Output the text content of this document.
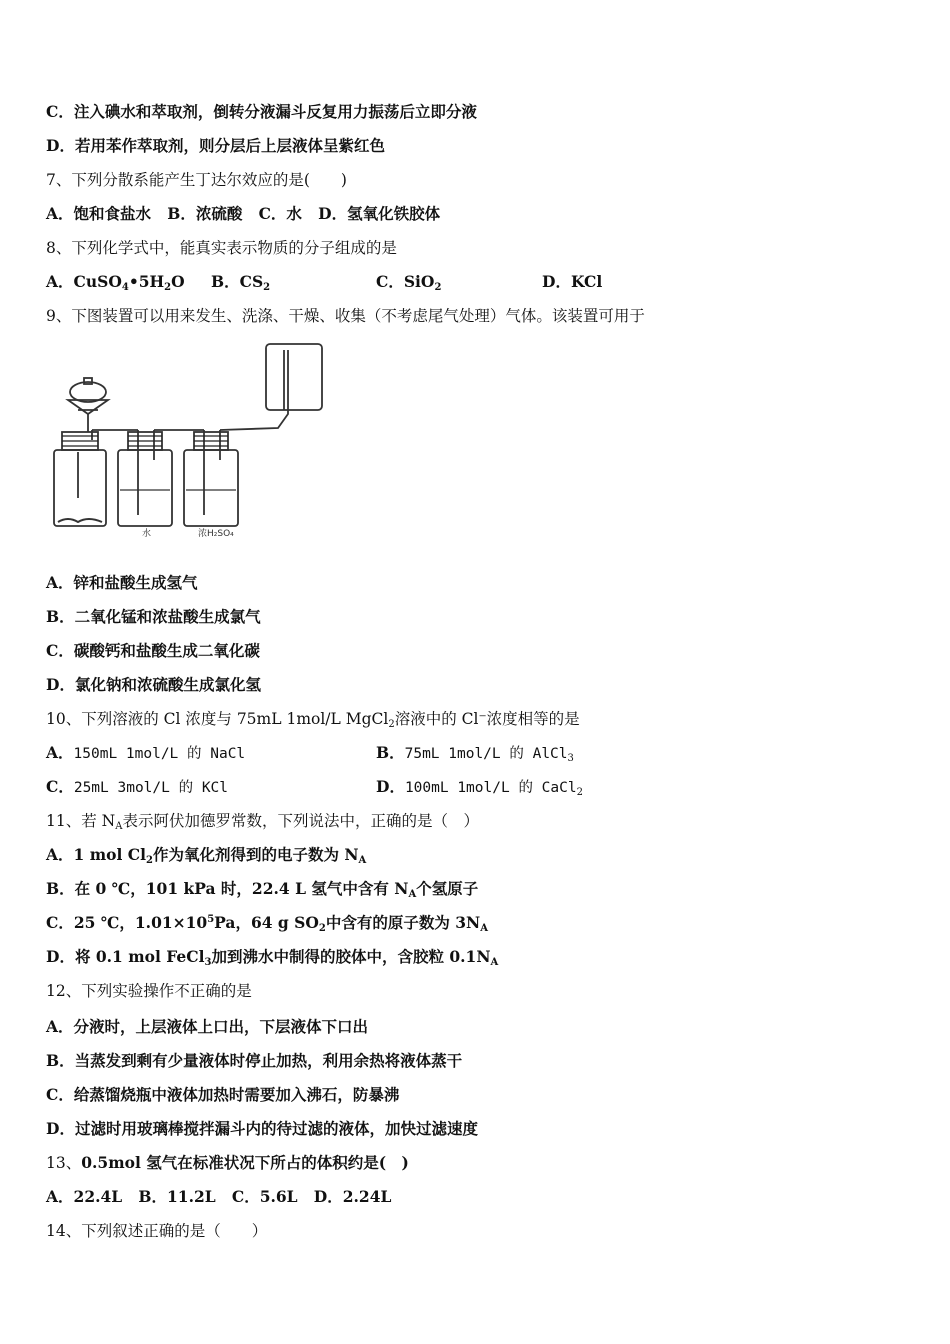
C．注入碘水和萃取剂，倒转分液漏斗反复用力振荡后立即分液
D．若用苯作萃取剂，则分层后上层液体呈紫红色
7、下列分散系能产生丁达尔效应的是(　　)
A．饱和食盐水 B．浓硫酸 C．水 D．氢氧化铁胶体
8、下列化学式中，能真实表示物质的分子组成的是
A．$CuSO_4•5H_2O$ B．$CS_2$	C．SiO$_2$	D．KCl
9、下图装置可以用来发生、洗涤、干燥、收集（不考虑尾气处理）气体。该装置可用于
水	浓H₂SO₄
A．锌和盐酸生成氢气
B．二氧化锰和浓盐酸生成氯气
C．碳酸钙和盐酸生成二氧化碳
D．氯化钠和浓硫酸生成氯化氢
10、下列溶液的 Cl 浓度与 75mL 1mol/L MgCl$_2$溶液中的 Cl⁻浓度相等的是
A．150mL 1mol/L 的 NaCl	B．75mL 1mol/L 的 AlCl$_3$
C．25mL 3mol/L 的 KCl	D．100mL 1mol/L 的 CaCl$_2$
11、若 $N_A$表示阿伏加德罗常数，下列说法中，正确的是（　）
A．1 mol $Cl_2$作为氧化剂得到的电子数为 $N_A$
B．在 0 ℃，101 kPa 时，22.4 L 氢气中含有 $N_A$个氢原子
C．25 ℃，$1.01\times 10^5Pa$，64 g $SO_2$中含有的原子数为 $3N_A$
D．将 0.1 mol FeCl$_3$加到沸水中制得的胶体中，含胶粒 $0.1N_A$
12、下列实验操作不正确的是
A．分液时，上层液体上口出，下层液体下口出
B．当蒸发到剩有少量液体时停止加热，利用余热将液体蒸干
C．给蒸馏烧瓶中液体加热时需要加入沸石，防暴沸
D．过滤时用玻璃棒搅拌漏斗内的待过滤的液体，加快过滤速度
13、0.5mol 氢气在标准状况下所占的体积约是(　)
A．22.4L B．11.2L C．5.6L D．2.24L
14、下列叙述正确的是（　　）
